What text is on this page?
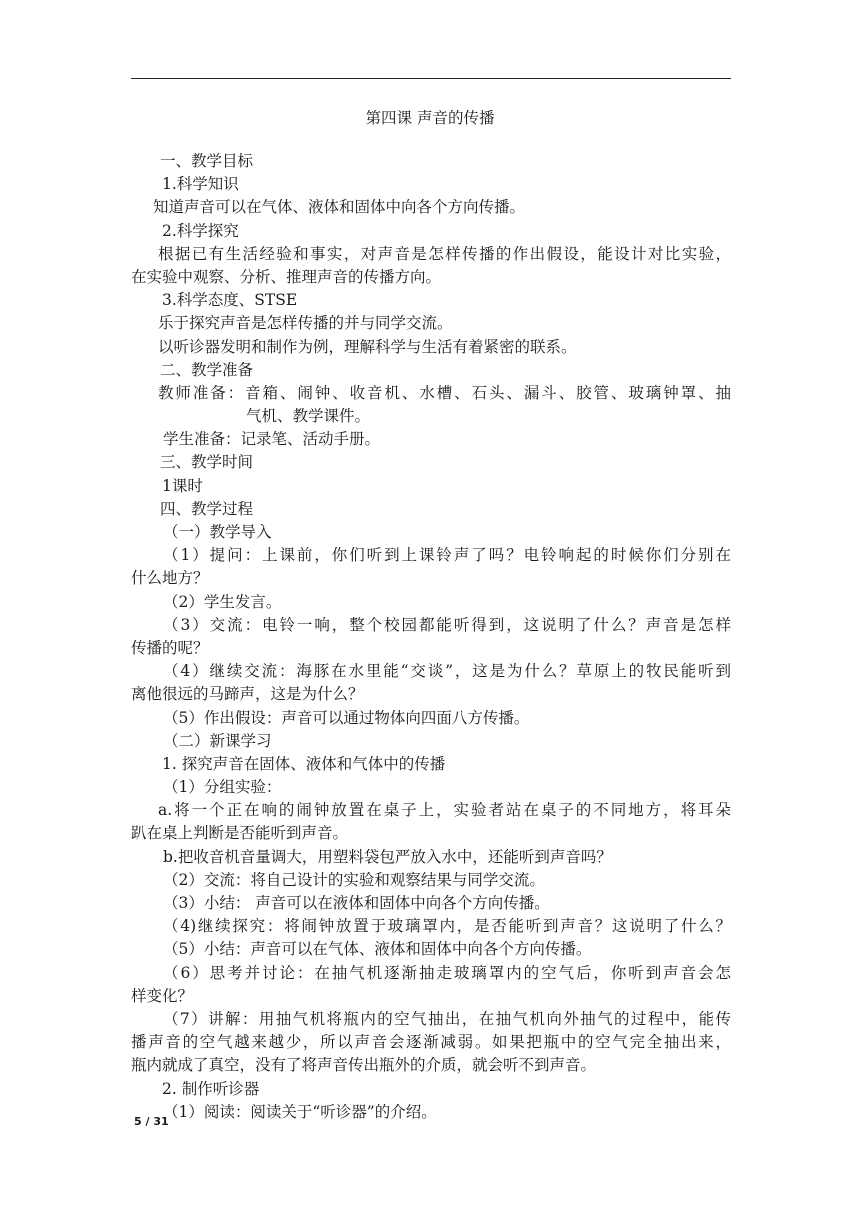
第四课 声音的传播
一、教学目标
1.科学知识
知道声音可以在气体、液体和固体中向各个方向传播。
2.科学探究
根据已有生活经验和事实，对声音是怎样传播的作出假设，能设计对比实验，
在实验中观察、分析、推理声音的传播方向。
3.科学态度、STSE
乐于探究声音是怎样传播的并与同学交流。
以听诊器发明和制作为例，理解科学与生活有着紧密的联系。
二、教学准备
教师准备：音箱、闹钟、收音机、水槽、石头、漏斗、胶管、玻璃钟罩、抽
气机、教学课件。
学生准备：记录笔、活动手册。
三、教学时间
1课时
四、教学过程
（一）教学导入
（1）提问：上课前，你们听到上课铃声了吗？电铃响起的时候你们分别在
什么地方？
（2）学生发言。
（3）交流：电铃一响，整个校园都能听得到，这说明了什么？声音是怎样
传播的呢？
（4）继续交流：海豚在水里能“交谈”，这是为什么？草原上的牧民能听到
离他很远的马蹄声，这是为什么？
（5）作出假设：声音可以通过物体向四面八方传播。
（二）新课学习
1. 探究声音在固体、液体和气体中的传播
（1）分组实验：
a.将一个正在响的闹钟放置在桌子上，实验者站在桌子的不同地方，将耳朵
趴在桌上判断是否能听到声音。
b.把收音机音量调大，用塑料袋包严放入水中，还能听到声音吗？
（2）交流：将自己设计的实验和观察结果与同学交流。
（3）小结： 声音可以在液体和固体中向各个方向传播。
（4)继续探究：将闹钟放置于玻璃罩内，是否能听到声音？这说明了什么？
（5）小结：声音可以在气体、液体和固体中向各个方向传播。
（6）思考并讨论：在抽气机逐渐抽走玻璃罩内的空气后，你听到声音会怎
样变化？
（7）讲解：用抽气机将瓶内的空气抽出，在抽气机向外抽气的过程中，能传
播声音的空气越来越少，所以声音会逐渐减弱。如果把瓶中的空气完全抽出来，
瓶内就成了真空，没有了将声音传出瓶外的介质，就会听不到声音。
2. 制作听诊器
（1）阅读：阅读关于“听诊器”的介绍。
5 / 31
